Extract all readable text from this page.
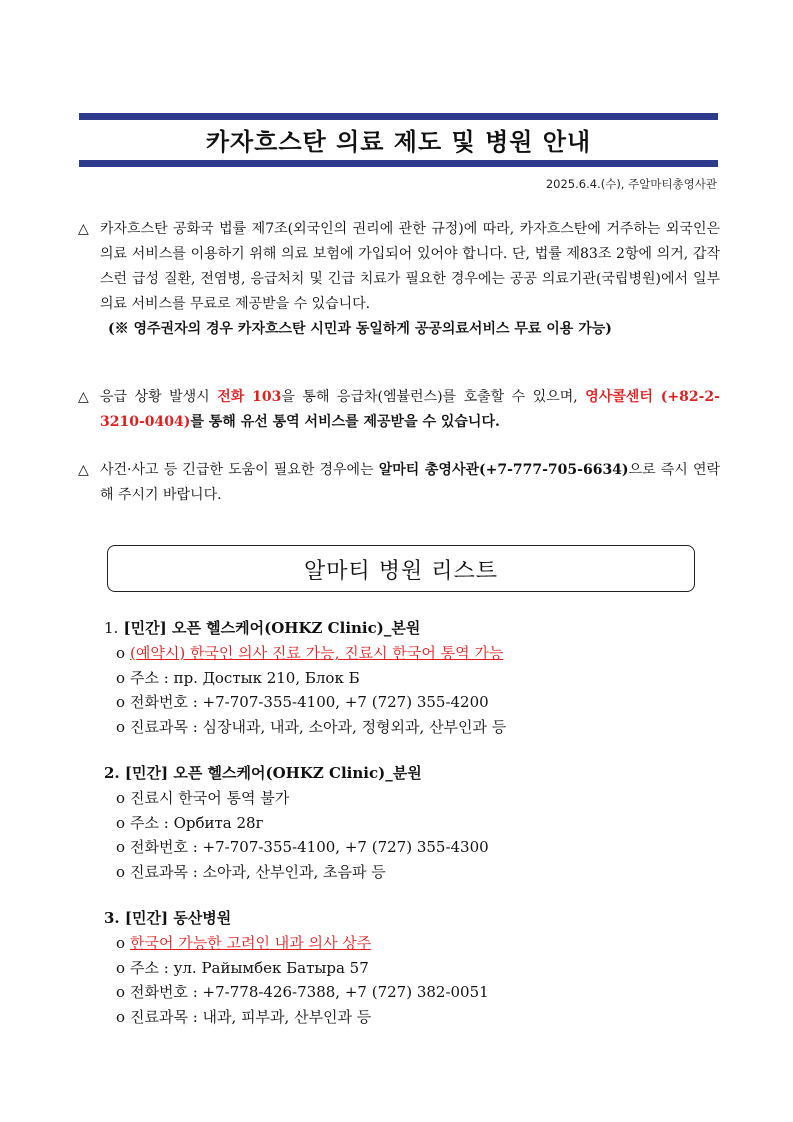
카자흐스탄 의료 제도 및 병원 안내
2025.6.4.(수), 주알마티총영사관
△ 카자흐스탄 공화국 법률 제7조(외국인의 권리에 관한 규정)에 따라, 카자흐스탄에 거주하는 외국인은 의료 서비스를 이용하기 위해 의료 보험에 가입되어 있어야 합니다. 단, 법률 제83조 2항에 의거, 갑작스런 급성 질환, 전염병, 응급처치 및 긴급 치료가 필요한 경우에는 공공 의료기관(국립병원)에서 일부 의료 서비스를 무료로 제공받을 수 있습니다.
(※ 영주권자의 경우 카자흐스탄 시민과 동일하게 공공의료서비스 무료 이용 가능)
△ 응급 상황 발생시 전화 103을 통해 응급차(엠뷸런스)를 호출할 수 있으며, 영사콜센터 (+82-2-3210-0404)를 통해 유선 통역 서비스를 제공받을 수 있습니다.
△ 사건·사고 등 긴급한 도움이 필요한 경우에는 알마티 총영사관(+7-777-705-6634)으로 즉시 연락해 주시기 바랍니다.
알마티 병원 리스트
1. [민간] 오픈 헬스케어(OHKZ Clinic)_본원
o (예약시) 한국인 의사 진료 가능, 진료시 한국어 통역 가능
o 주소 : пр. Достык 210, Блок Б
o 전화번호 : +7-707-355-4100, +7 (727) 355-4200
o 진료과목 : 심장내과, 내과, 소아과, 정형외과, 산부인과 등
2. [민간] 오픈 헬스케어(OHKZ Clinic)_분원
o 진료시 한국어 통역 불가
o 주소 : Орбита 28г
o 전화번호 : +7-707-355-4100, +7 (727) 355-4300
o 진료과목 : 소아과, 산부인과, 초음파 등
3. [민간] 동산병원
o 한국어 가능한 고려인 내과 의사 상주
o 주소 : ул. Райымбек Батыра 57
o 전화번호 : +7-778-426-7388, +7 (727) 382-0051
o 진료과목 : 내과, 피부과, 산부인과 등
